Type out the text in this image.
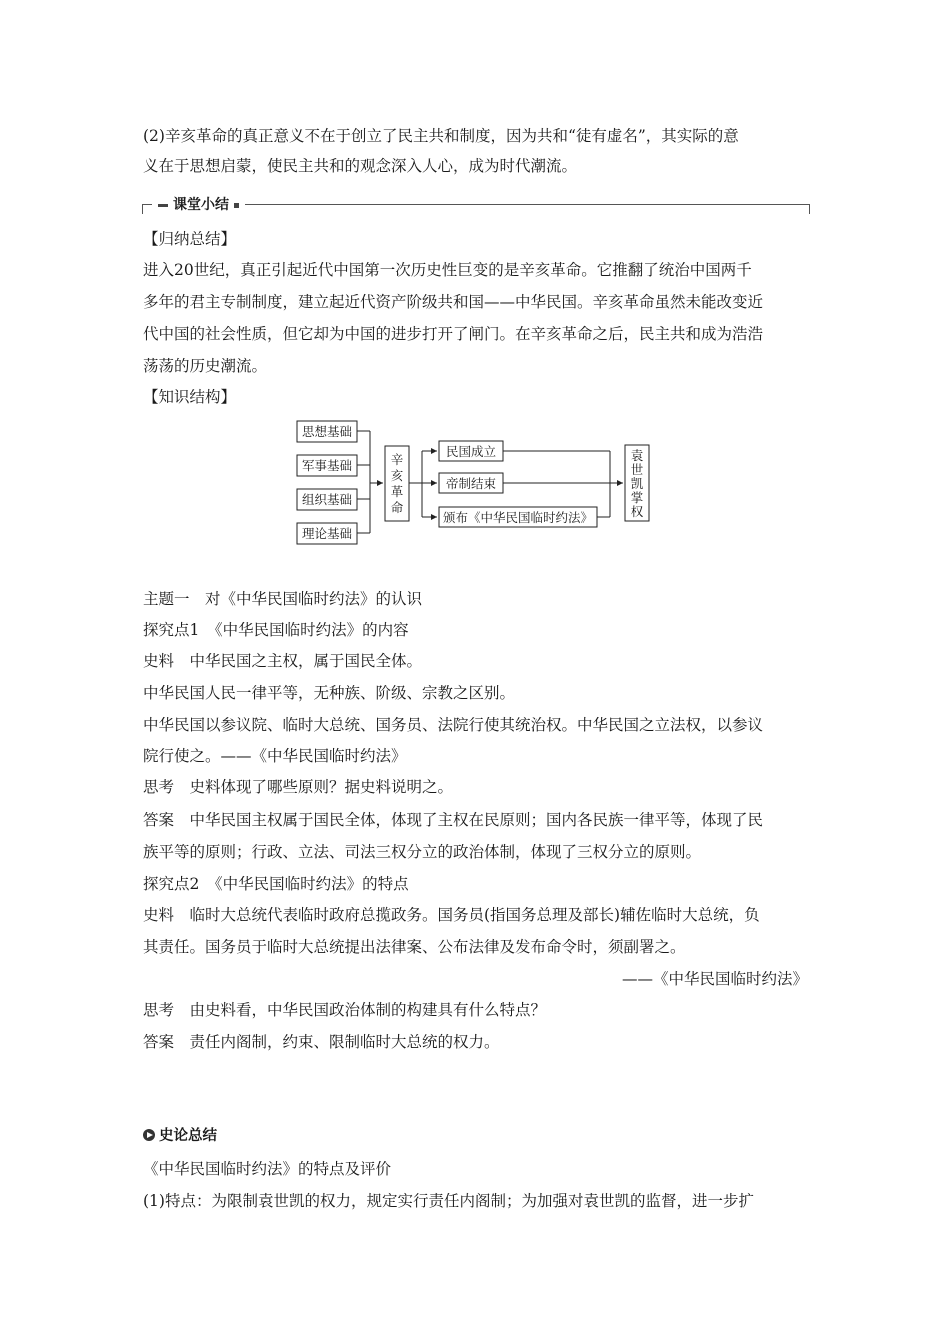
(2)辛亥革命的真正意义不在于创立了民主共和制度，因为共和“徒有虚名”，其实际的意
义在于思想启蒙，使民主共和的观念深入人心，成为时代潮流。
课堂小结
【归纳总结】
进入20世纪，真正引起近代中国第一次历史性巨变的是辛亥革命。它推翻了统治中国两千
多年的君主专制制度，建立起近代资产阶级共和国——中华民国。辛亥革命虽然未能改变近
代中国的社会性质，但它却为中国的进步打开了闸门。在辛亥革命之后，民主共和成为浩浩
荡荡的历史潮流。
【知识结构】
思想基础
军事基础
组织基础
理论基础
辛
亥
革
命
民国成立
帝制结束
颁布《中华民国临时约法》
袁
世
凯
掌
权
主题一　对《中华民国临时约法》的认识
探究点1　《中华民国临时约法》的内容
史料　中华民国之主权，属于国民全体。
中华民国人民一律平等，无种族、阶级、宗教之区别。
中华民国以参议院、临时大总统、国务员、法院行使其统治权。中华民国之立法权，以参议
院行使之。——《中华民国临时约法》
思考　史料体现了哪些原则？据史料说明之。
答案　中华民国主权属于国民全体，体现了主权在民原则；国内各民族一律平等，体现了民
族平等的原则；行政、立法、司法三权分立的政治体制，体现了三权分立的原则。
探究点2　《中华民国临时约法》的特点
史料　临时大总统代表临时政府总揽政务。国务员(指国务总理及部长)辅佐临时大总统，负
其责任。国务员于临时大总统提出法律案、公布法律及发布命令时，须副署之。
——《中华民国临时约法》
思考　由史料看，中华民国政治体制的构建具有什么特点？
答案　责任内阁制，约束、限制临时大总统的权力。
史论总结
《中华民国临时约法》的特点及评价
(1)特点：为限制袁世凯的权力，规定实行责任内阁制；为加强对袁世凯的监督，进一步扩
